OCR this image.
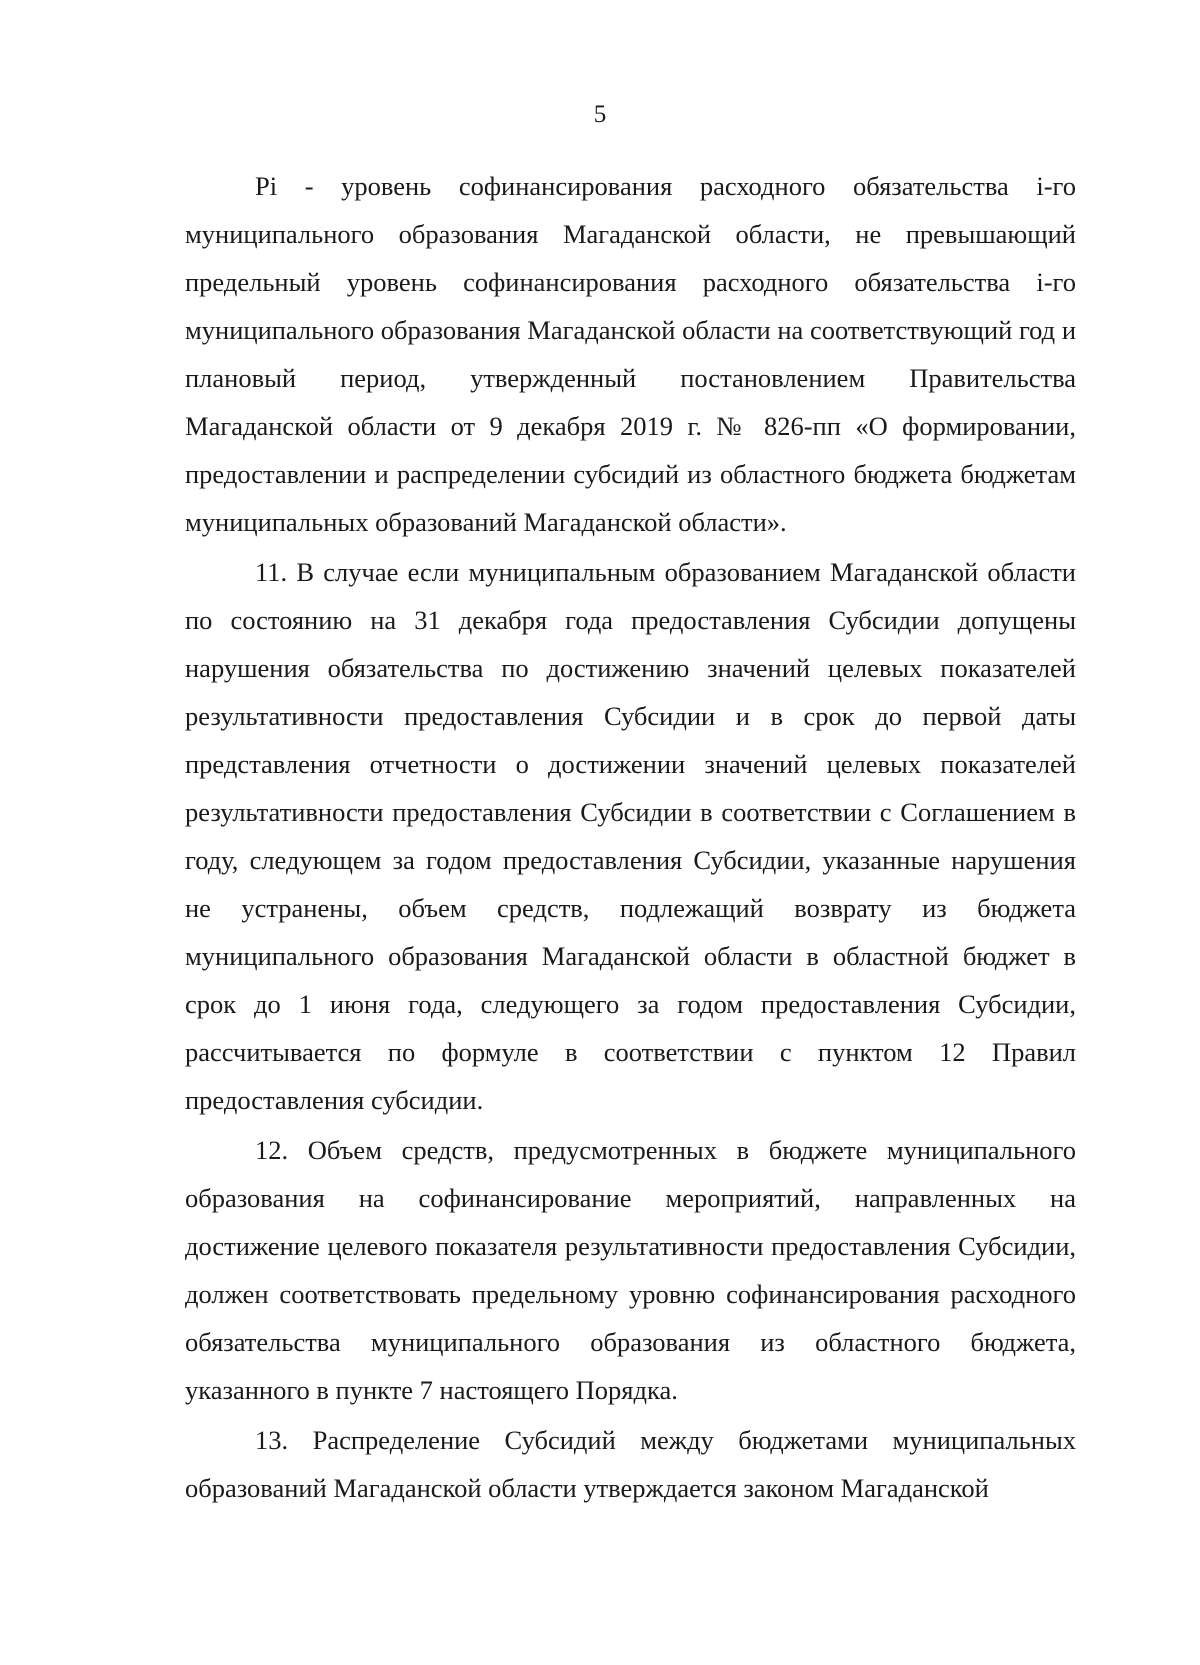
5

Pi - уровень софинансирования расходного обязательства i-го муниципального образования Магаданской области, не превышающий предельный уровень софинансирования расходного обязательства i-го муниципального образования Магаданской области на соответствующий год и плановый период, утвержденный постановлением Правительства Магаданской области от 9 декабря 2019 г. № 826-пп «О формировании, предоставлении и распределении субсидий из областного бюджета бюджетам муниципальных образований Магаданской области».

11. В случае если муниципальным образованием Магаданской области по состоянию на 31 декабря года предоставления Субсидии допущены нарушения обязательства по достижению значений целевых показателей результативности предоставления Субсидии и в срок до первой даты представления отчетности о достижении значений целевых показателей результативности предоставления Субсидии в соответствии с Соглашением в году, следующем за годом предоставления Субсидии, указанные нарушения не устранены, объем средств, подлежащий возврату из бюджета муниципального образования Магаданской области в областной бюджет в срок до 1 июня года, следующего за годом предоставления Субсидии, рассчитывается по формуле в соответствии с пунктом 12 Правил предоставления субсидии.

12. Объем средств, предусмотренных в бюджете муниципального образования на софинансирование мероприятий, направленных на достижение целевого показателя результативности предоставления Субсидии, должен соответствовать предельному уровню софинансирования расходного обязательства муниципального образования из областного бюджета, указанного в пункте 7 настоящего Порядка.

13. Распределение Субсидий между бюджетами муниципальных образований Магаданской области утверждается законом Магаданской
